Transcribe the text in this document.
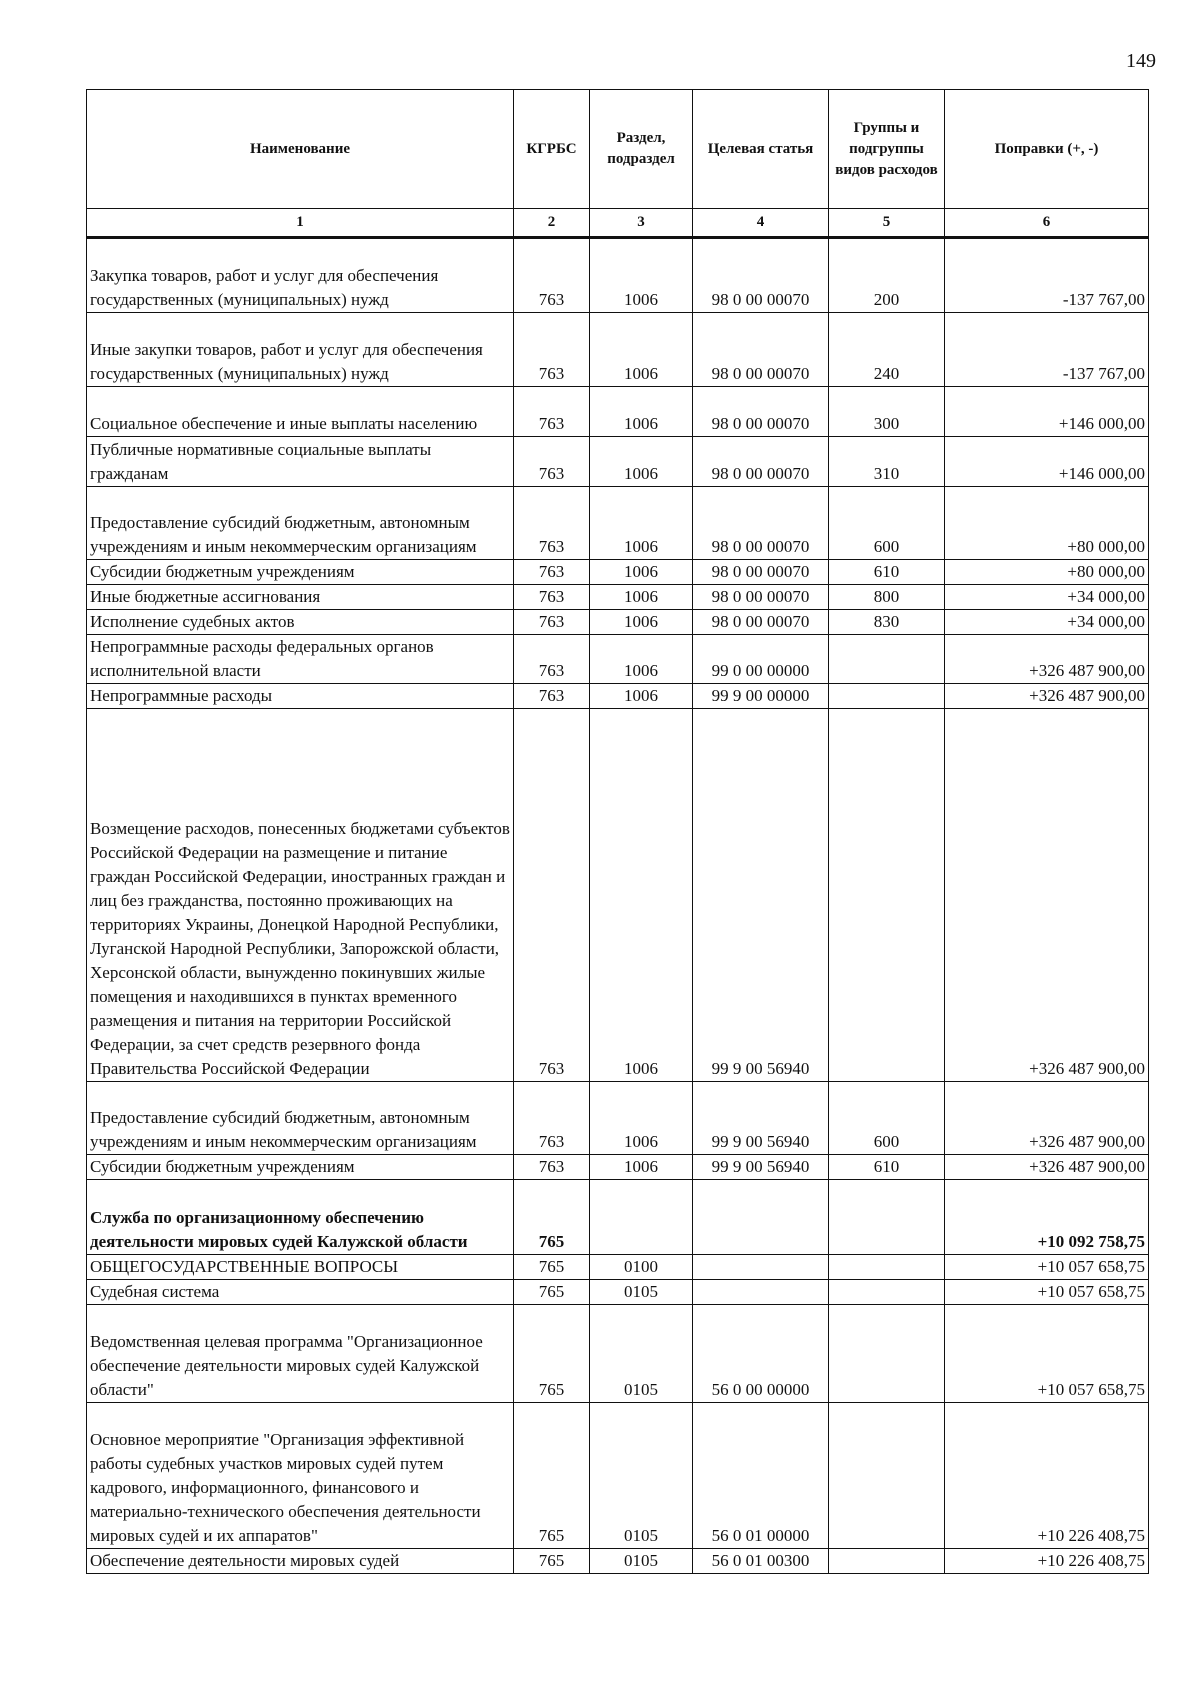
149
Наименование	КГРБС	Раздел, подраздел	Целевая статья	Группы и подгруппы видов расходов	Поправки (+, -)
1	2	3	4	5	6
Закупка товаров, работ и услуг для обеспечения государственных (муниципальных) нужд	763	1006	98 0 00 00070	200	-137 767,00
Иные закупки товаров, работ и услуг для обеспечения государственных (муниципальных) нужд	763	1006	98 0 00 00070	240	-137 767,00
Социальное обеспечение и иные выплаты населению	763	1006	98 0 00 00070	300	+146 000,00
Публичные нормативные социальные выплаты гражданам	763	1006	98 0 00 00070	310	+146 000,00
Предоставление субсидий бюджетным, автономным учреждениям и иным некоммерческим организациям	763	1006	98 0 00 00070	600	+80 000,00
Субсидии бюджетным учреждениям	763	1006	98 0 00 00070	610	+80 000,00
Иные бюджетные ассигнования	763	1006	98 0 00 00070	800	+34 000,00
Исполнение судебных актов	763	1006	98 0 00 00070	830	+34 000,00
Непрограммные расходы федеральных органов исполнительной власти	763	1006	99 0 00 00000		+326 487 900,00
Непрограммные расходы	763	1006	99 9 00 00000		+326 487 900,00
Возмещение расходов, понесенных бюджетами субъектов Российской Федерации на размещение и питание граждан Российской Федерации, иностранных граждан и лиц без гражданства, постоянно проживающих на территориях Украины, Донецкой Народной Республики, Луганской Народной Республики, Запорожской области, Херсонской области, вынужденно покинувших жилые помещения и находившихся в пунктах временного размещения и питания на территории Российской Федерации, за счет средств резервного фонда Правительства Российской Федерации	763	1006	99 9 00 56940		+326 487 900,00
Предоставление субсидий бюджетным, автономным учреждениям и иным некоммерческим организациям	763	1006	99 9 00 56940	600	+326 487 900,00
Субсидии бюджетным учреждениям	763	1006	99 9 00 56940	610	+326 487 900,00
Служба по организационному обеспечению деятельности мировых судей Калужской области	765				+10 092 758,75
ОБЩЕГОСУДАРСТВЕННЫЕ ВОПРОСЫ	765	0100			+10 057 658,75
Судебная система	765	0105			+10 057 658,75
Ведомственная целевая программа "Организационное обеспечение деятельности мировых судей Калужской области"	765	0105	56 0 00 00000		+10 057 658,75
Основное мероприятие "Организация эффективной работы судебных участков мировых судей путем кадрового, информационного, финансового и материально-технического обеспечения деятельности мировых судей и их аппаратов"	765	0105	56 0 01 00000		+10 226 408,75
Обеспечение деятельности мировых судей	765	0105	56 0 01 00300		+10 226 408,75
